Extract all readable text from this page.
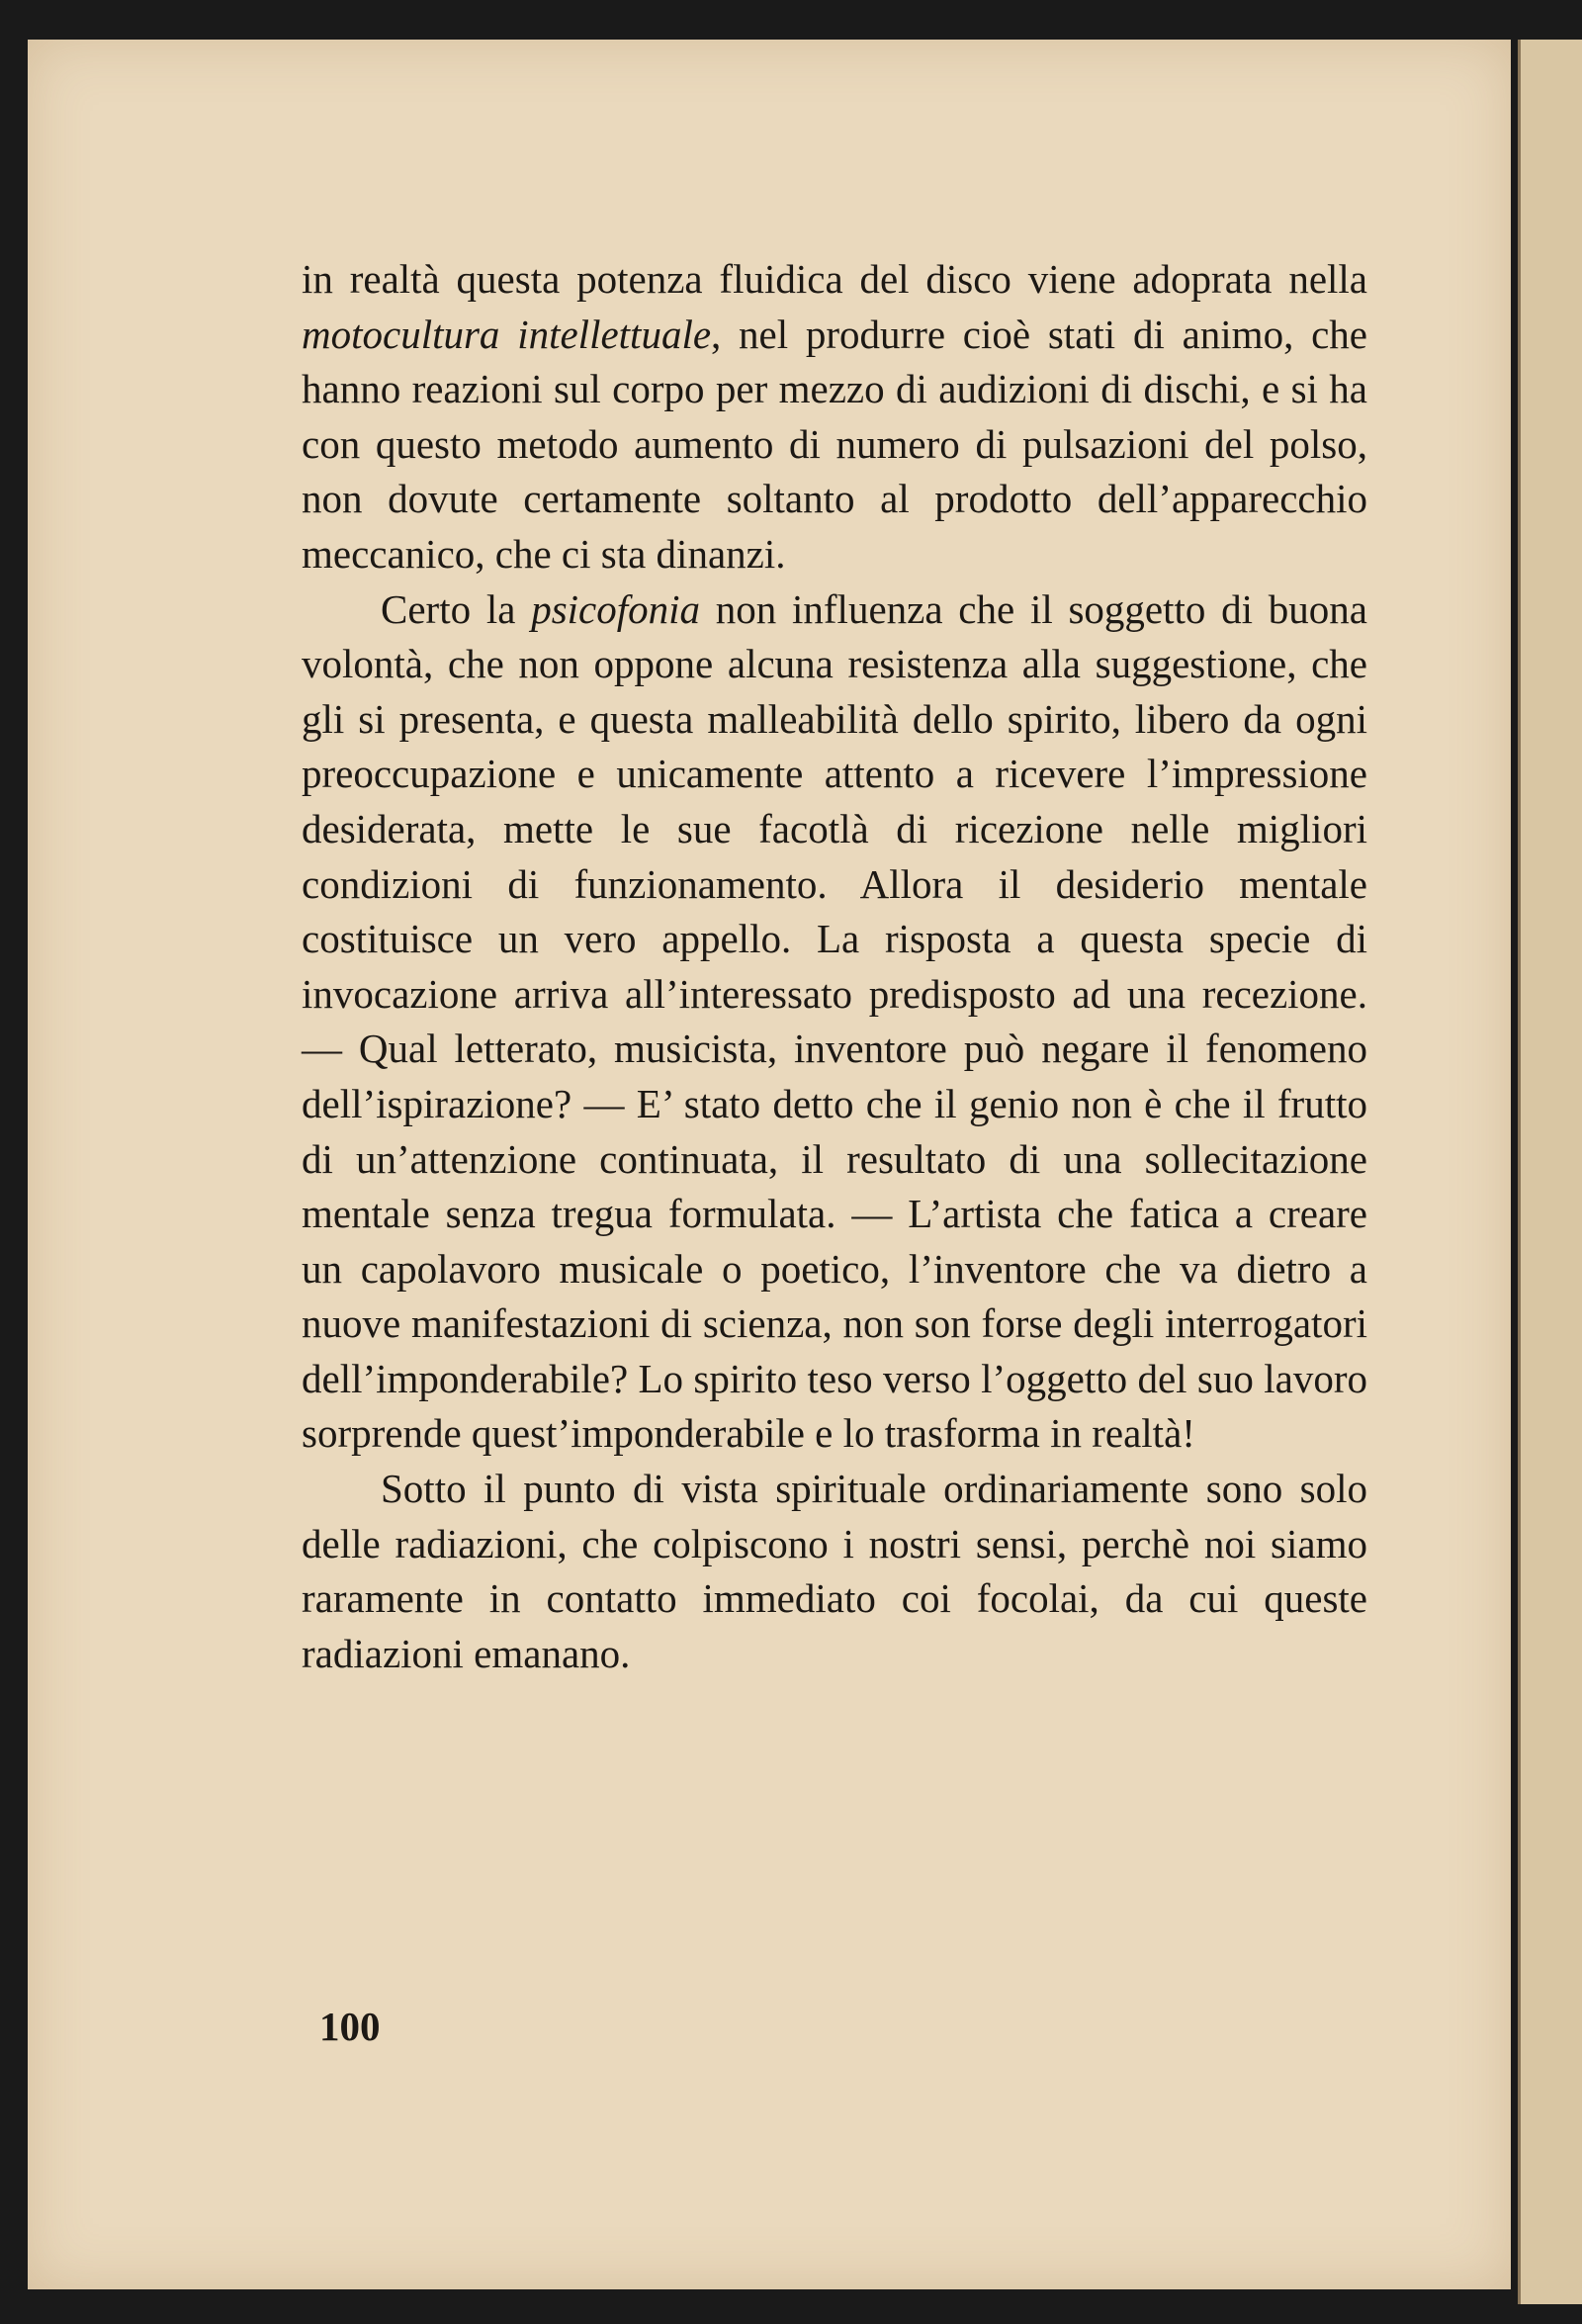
in realtà questa potenza fluidica del disco viene adoprata nella motocultura intellettuale, nel produrre cioè stati di animo, che hanno reazioni sul corpo per mezzo di audizioni di dischi, e si ha con questo metodo aumento di numero di pulsazioni del polso, non dovute certamente soltanto al prodotto dell’apparecchio meccanico, che ci sta dinanzi.

Certo la psicofonia non influenza che il soggetto di buona volontà, che non oppone alcuna resistenza alla suggestione, che gli si presenta, e questa malleabilità dello spirito, libero da ogni preoccupazione e unicamente attento a ricevere l’impressione desiderata, mette le sue facotlà di ricezione nelle migliori condizioni di funzionamento. Allora il desiderio mentale costituisce un vero appello. La risposta a questa specie di invocazione arriva all’interessato predisposto ad una recezione. — Qual letterato, musicista, inventore può negare il fenomeno dell’ispirazione? — E’ stato detto che il genio non è che il frutto di un’attenzione continuata, il resultato di una sollecitazione mentale senza tregua formulata. — L’artista che fatica a creare un capolavoro musicale o poetico, l’inventore che va dietro a nuove manifestazioni di scienza, non son forse degli interrogatori dell’imponderabile? Lo spirito teso verso l’oggetto del suo lavoro sorprende quest’imponderabile e lo trasforma in realtà!

Sotto il punto di vista spirituale ordinariamente sono solo delle radiazioni, che colpiscono i nostri sensi, perchè noi siamo raramente in contatto immediato coi focolai, da cui queste radiazioni emanano.

100
